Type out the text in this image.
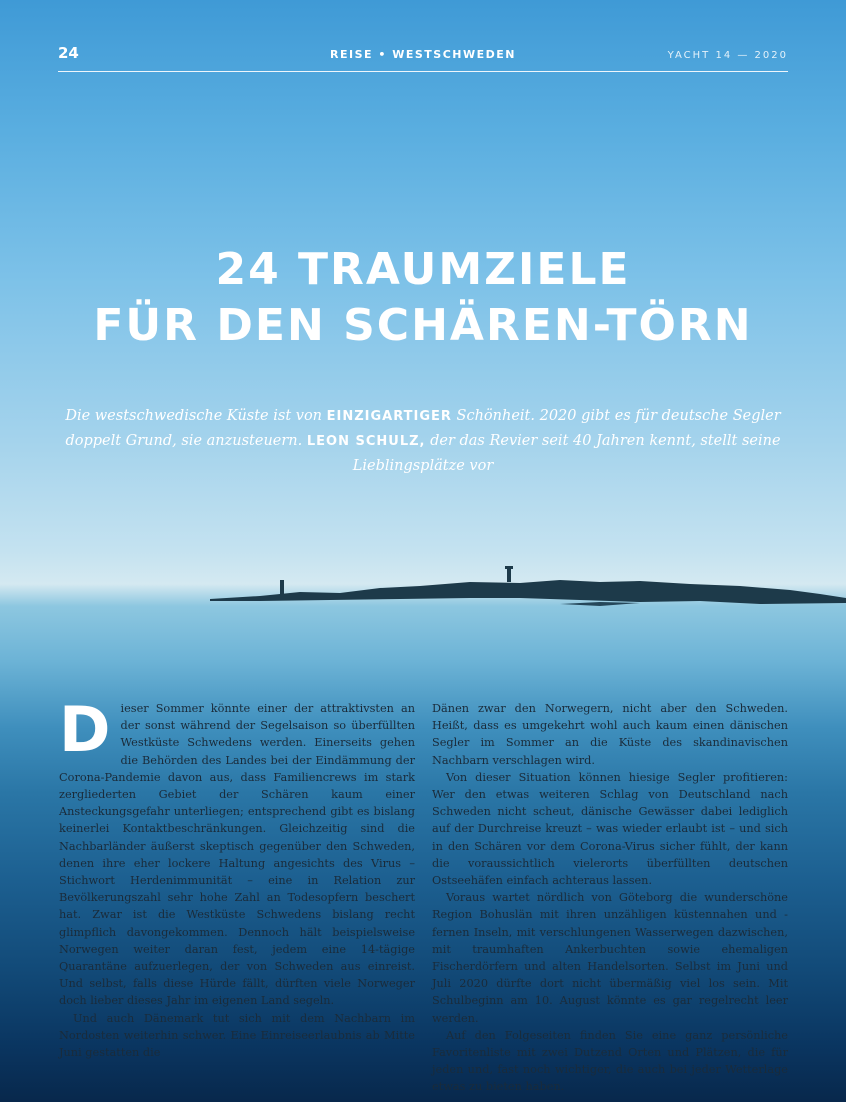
24	REISE • WESTSCHWEDEN	YACHT 14 — 2020
24 TRAUMZIELE
FÜR DEN SCHÄREN-TÖRN
Die westschwedische Küste ist von EINZIGARTIGER Schönheit. 2020 gibt es für deutsche Segler doppelt Grund, sie anzusteuern. LEON SCHULZ, der das Revier seit 40 Jahren kennt, stellt seine Lieblingsplätze vor

Dieser Sommer könnte einer der attraktivsten an der sonst während der Segelsaison so überfüllten Westküste Schwedens werden. Einerseits gehen die Behörden des Landes bei der Eindämmung der Corona-Pandemie davon aus, dass Familiencrews im stark zergliederten Gebiet der Schären kaum einer Ansteckungsgefahr unterliegen; entsprechend gibt es bislang keinerlei Kontaktbeschränkungen. Gleichzeitig sind die Nachbarländer äußerst skeptisch gegenüber den Schweden, denen ihre eher lockere Haltung angesichts des Virus – Stichwort Herdenimmunität – eine in Relation zur Bevölkerungszahl sehr hohe Zahl an Todesopfern beschert hat. Zwar ist die Westküste Schwedens bislang recht glimpflich davongekommen. Dennoch hält beispielsweise Norwegen weiter daran fest, jedem eine 14-tägige Quarantäne aufzuerlegen, der von Schweden aus einreist. Und selbst, falls diese Hürde fällt, dürften viele Norweger doch lieber dieses Jahr im eigenen Land segeln.

Und auch Dänemark tut sich mit dem Nachbarn im Nordosten weiterhin schwer. Eine Einreiseerlaubnis ab Mitte Juni gestatten die

Dänen zwar den Norwegern, nicht aber den Schweden. Heißt, dass es umgekehrt wohl auch kaum einen dänischen Segler im Sommer an die Küste des skandinavischen Nachbarn verschlagen wird.

Von dieser Situation können hiesige Segler profitieren: Wer den etwas weiteren Schlag von Deutschland nach Schweden nicht scheut, dänische Gewässer dabei lediglich auf der Durchreise kreuzt – was wieder erlaubt ist – und sich in den Schären vor dem Corona-Virus sicher fühlt, der kann die voraussichtlich vielerorts überfüllten deutschen Ostseehäfen einfach achteraus lassen.

Voraus wartet nördlich von Göteborg die wunderschöne Region Bohuslän mit ihren unzähligen küstennahen und -fernen Inseln, mit verschlungenen Wasserwegen dazwischen, mit traumhaften Ankerbuchten sowie ehemaligen Fischerdörfern und alten Handelsorten. Selbst im Juni und Juli 2020 dürfte dort nicht übermäßig viel los sein. Mit Schulbeginn am 10. August könnte es gar regelrecht leer werden.

Auf den Folgeseiten finden Sie eine ganz persönliche Favoritenliste mit zwei Dutzend Orten und Plätzen, die für jeden und, fast noch wichtiger, die auch bei jeder Wetterlage etwas zu bieten haben.
